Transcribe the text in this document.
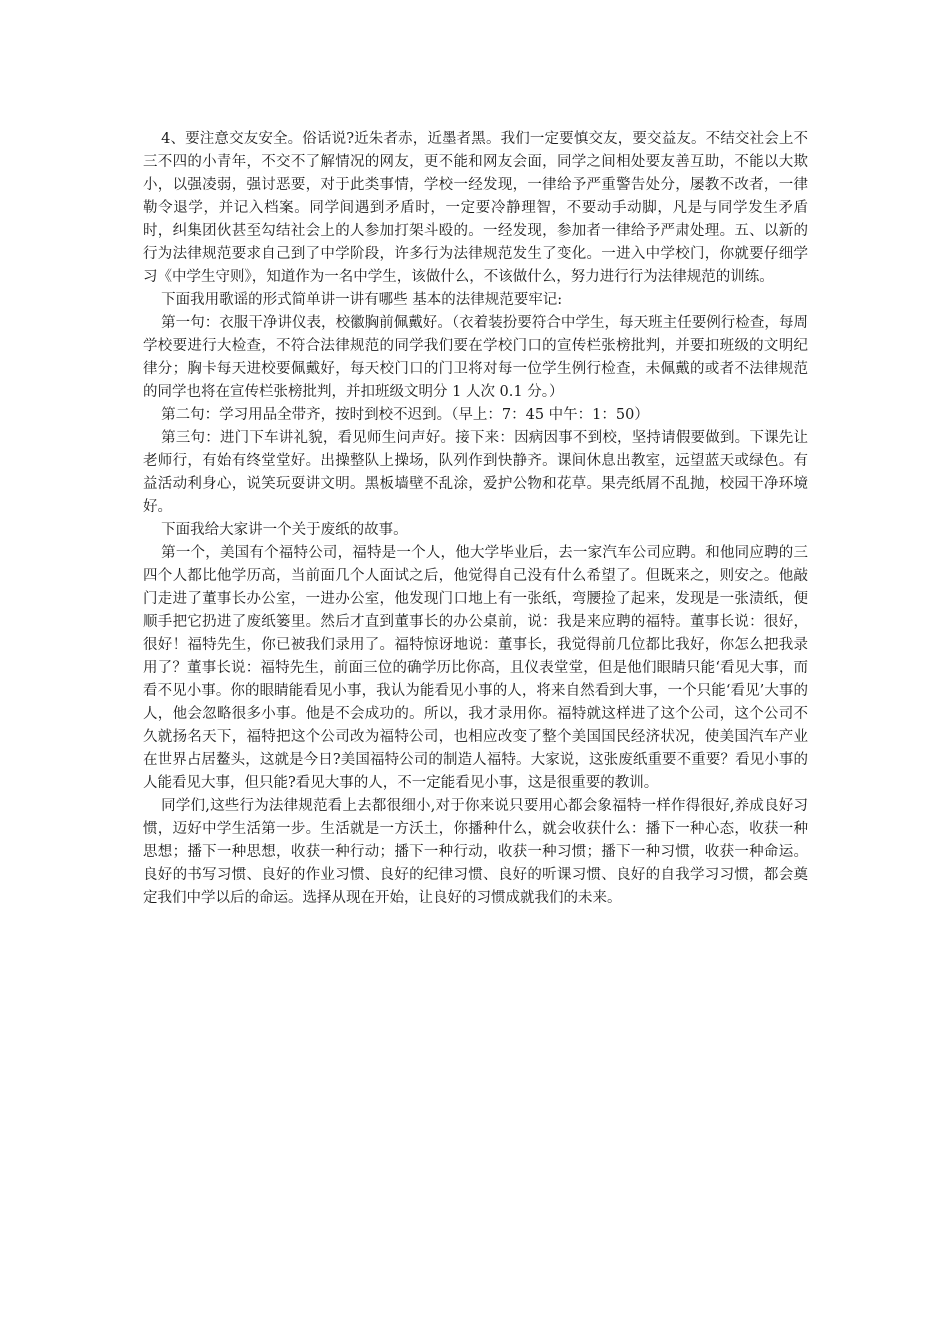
4、要注意交友安全。俗话说?近朱者赤，近墨者黑。我们一定要慎交友，要交益友。不结交社会上不三不四的小青年，不交不了解情况的网友，更不能和网友会面，同学之间相处要友善互助，不能以大欺小，以强凌弱，强讨恶要，对于此类事情，学校一经发现，一律给予严重警告处分，屡教不改者，一律勒令退学，并记入档案。同学间遇到矛盾时，一定要冷静理智，不要动手动脚，凡是与同学发生矛盾时，纠集团伙甚至勾结社会上的人参加打架斗殴的。一经发现，参加者一律给予严肃处理。五、以新的行为法律规范要求自己到了中学阶段，许多行为法律规范发生了变化。一进入中学校门，你就要仔细学习《中学生守则》，知道作为一名中学生，该做什么，不该做什么，努力进行行为法律规范的训练。

下面我用歌谣的形式简单讲一讲有哪些 基本的法律规范要牢记:

第一句：衣服干净讲仪表，校徽胸前佩戴好。（衣着装扮要符合中学生，每天班主任要例行检查，每周学校要进行大检查，不符合法律规范的同学我们要在学校门口的宣传栏张榜批判，并要扣班级的文明纪律分；胸卡每天进校要佩戴好，每天校门口的门卫将对每一位学生例行检查，未佩戴的或者不法律规范的同学也将在宣传栏张榜批判，并扣班级文明分 1 人次 0.1 分。）

第二句：学习用品全带齐，按时到校不迟到。（早上：7：45 中午：1：50）

第三句：进门下车讲礼貌，看见师生问声好。接下来：因病因事不到校，坚持请假要做到。下课先让老师行，有始有终堂堂好。出操整队上操场，队列作到快静齐。课间休息出教室，远望蓝天或绿色。有益活动利身心，说笑玩耍讲文明。黑板墙壁不乱涂，爱护公物和花草。果壳纸屑不乱抛，校园干净环境好。

下面我给大家讲一个关于废纸的故事。

第一个，美国有个福特公司，福特是一个人，他大学毕业后，去一家汽车公司应聘。和他同应聘的三四个人都比他学历高，当前面几个人面试之后，他觉得自己没有什么希望了。但既来之，则安之。他敲门走进了董事长办公室，一进办公室，他发现门口地上有一张纸，弯腰捡了起来，发现是一张渍纸，便顺手把它扔进了废纸篓里。然后才直到董事长的办公桌前，说：我是来应聘的福特。董事长说：很好，很好！福特先生，你已被我们录用了。福特惊讶地说：董事长，我觉得前几位都比我好，你怎么把我录用了？董事长说：福特先生，前面三位的确学历比你高，且仪表堂堂，但是他们眼睛只能‘看见大事，而看不见小事。你的眼睛能看见小事，我认为能看见小事的人，将来自然看到大事，一个只能‘看见’大事的人，他会忽略很多小事。他是不会成功的。所以，我才录用你。福特就这样进了这个公司，这个公司不久就扬名天下，福特把这个公司改为福特公司，也相应改变了整个美国国民经济状况，使美国汽车产业在世界占居鳌头，这就是今日?美国福特公司的制造人福特。大家说，这张废纸重要不重要？看见小事的人能看见大事，但只能?看见大事的人，不一定能看见小事，这是很重要的教训。

同学们,这些行为法律规范看上去都很细小,对于你来说只要用心都会象福特一样作得很好,养成良好习惯，迈好中学生活第一步。生活就是一方沃土，你播种什么，就会收获什么：播下一种心态，收获一种思想；播下一种思想，收获一种行动；播下一种行动，收获一种习惯；播下一种习惯，收获一种命运。良好的书写习惯、良好的作业习惯、良好的纪律习惯、良好的听课习惯、良好的自我学习习惯，都会奠定我们中学以后的命运。选择从现在开始，让良好的习惯成就我们的未来。
